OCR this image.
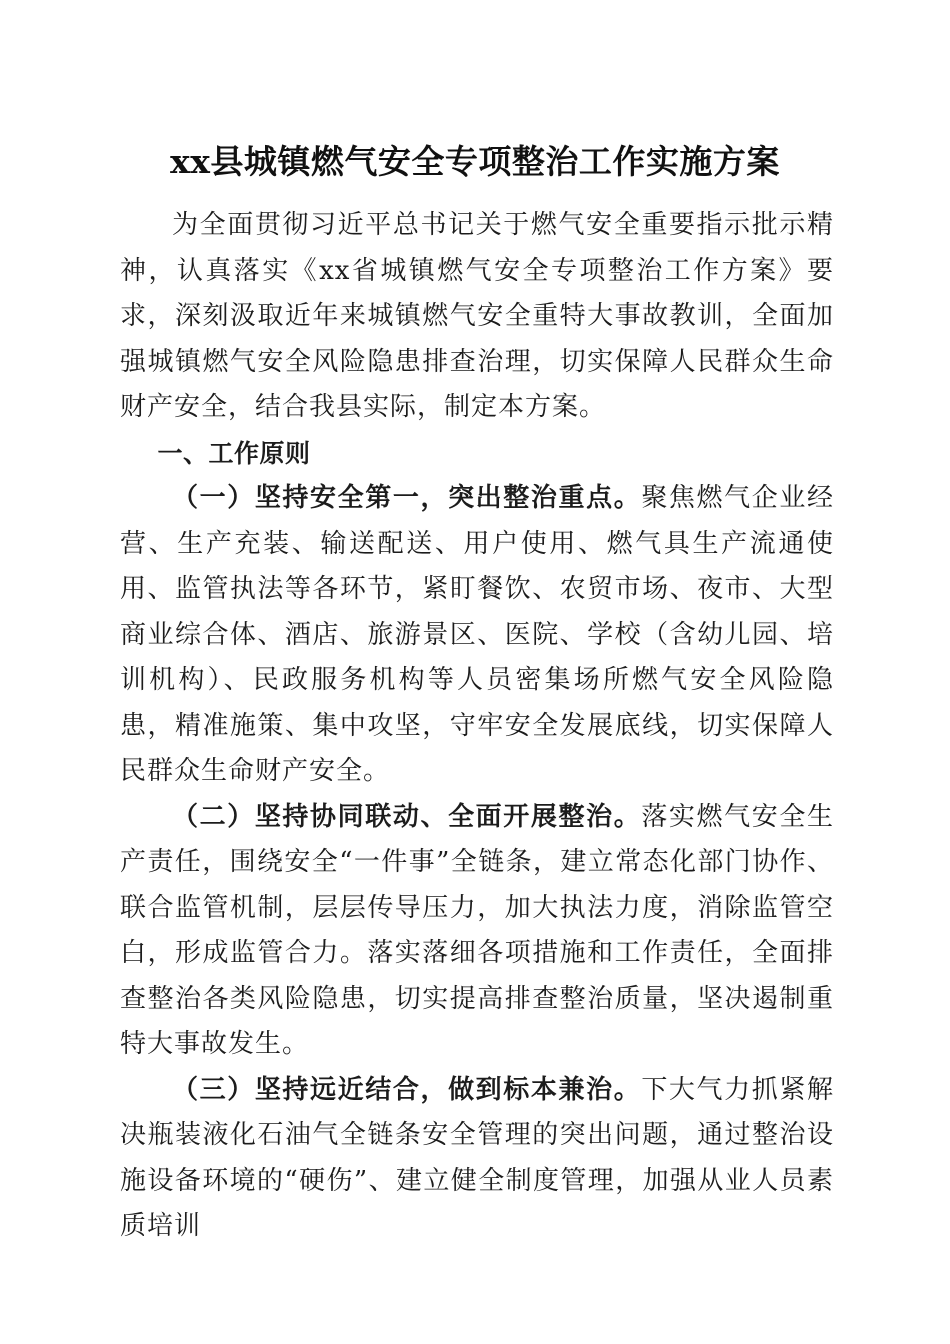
xx县城镇燃气安全专项整治工作实施方案

为全面贯彻习近平总书记关于燃气安全重要指示批示精神，认真落实《xx省城镇燃气安全专项整治工作方案》要求，深刻汲取近年来城镇燃气安全重特大事故教训，全面加强城镇燃气安全风险隐患排查治理，切实保障人民群众生命财产安全，结合我县实际，制定本方案。

一、工作原则

（一）坚持安全第一，突出整治重点。聚焦燃气企业经营、生产充装、输送配送、用户使用、燃气具生产流通使用、监管执法等各环节，紧盯餐饮、农贸市场、夜市、大型商业综合体、酒店、旅游景区、医院、学校（含幼儿园、培训机构）、民政服务机构等人员密集场所燃气安全风险隐患，精准施策、集中攻坚，守牢安全发展底线，切实保障人民群众生命财产安全。

（二）坚持协同联动、全面开展整治。落实燃气安全生产责任，围绕安全“一件事”全链条，建立常态化部门协作、联合监管机制，层层传导压力，加大执法力度，消除监管空白，形成监管合力。落实落细各项措施和工作责任，全面排查整治各类风险隐患，切实提高排查整治质量，坚决遏制重特大事故发生。

（三）坚持远近结合，做到标本兼治。下大气力抓紧解决瓶装液化石油气全链条安全管理的突出问题，通过整治设施设备环境的“硬伤”、建立健全制度管理，加强从业人员素质培训
